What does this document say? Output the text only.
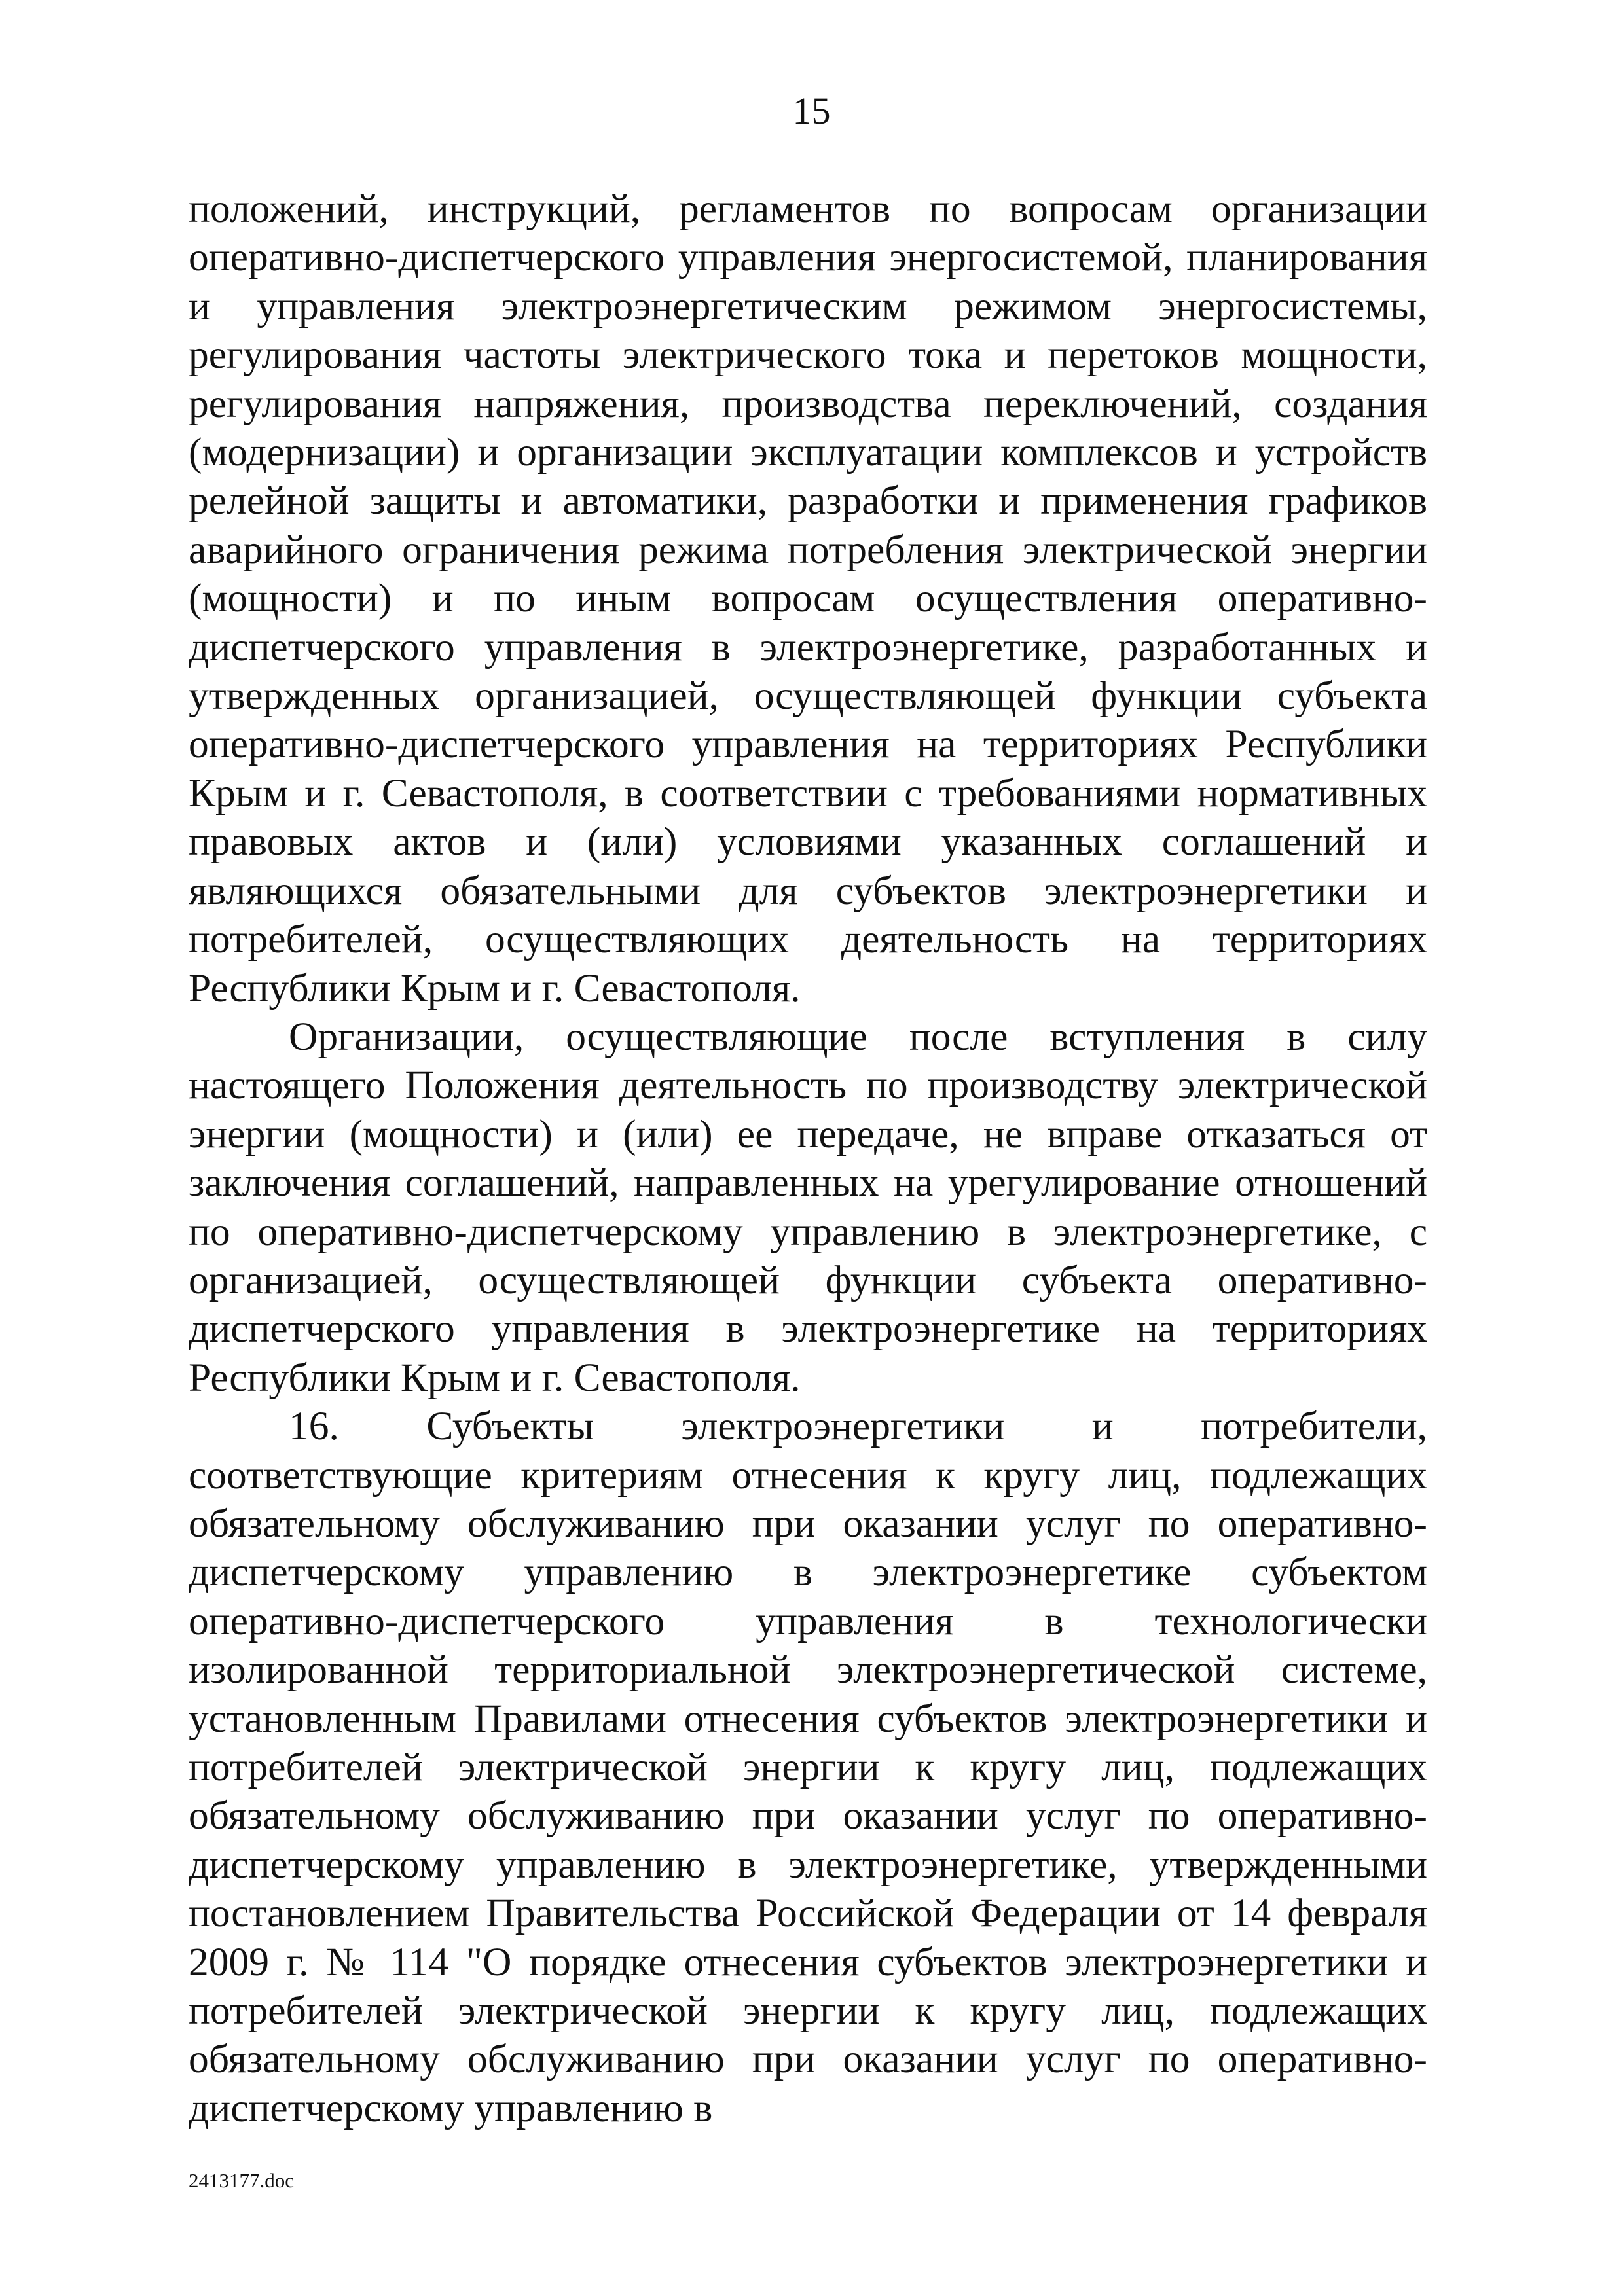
15

положений, инструкций, регламентов по вопросам организации оперативно-диспетчерского управления энергосистемой, планирования и управления электроэнергетическим режимом энергосистемы, регулирования частоты электрического тока и перетоков мощности, регулирования напряжения, производства переключений, создания (модернизации) и организации эксплуатации комплексов и устройств релейной защиты и автоматики, разработки и применения графиков аварийного ограничения режима потребления электрической энергии (мощности) и по иным вопросам осуществления оперативно-диспетчерского управления в электроэнергетике, разработанных и утвержденных организацией, осуществляющей функции субъекта оперативно-диспетчерского управления на территориях Республики Крым и г. Севастополя, в соответствии с требованиями нормативных правовых актов и (или) условиями указанных соглашений и являющихся обязательными для субъектов электроэнергетики и потребителей, осуществляющих деятельность на территориях Республики Крым и г. Севастополя.

Организации, осуществляющие после вступления в силу настоящего Положения деятельность по производству электрической энергии (мощности) и (или) ее передаче, не вправе отказаться от заключения соглашений, направленных на урегулирование отношений по оперативно-диспетчерскому управлению в электроэнергетике, с организацией, осуществляющей функции субъекта оперативно-диспетчерского управления в электроэнергетике на территориях Республики Крым и г. Севастополя.

16. Субъекты электроэнергетики и потребители, соответствующие критериям отнесения к кругу лиц, подлежащих обязательному обслуживанию при оказании услуг по оперативно-диспетчерскому управлению в электроэнергетике субъектом оперативно-диспетчерского управления в технологически изолированной территориальной электроэнергетической системе, установленным Правилами отнесения субъектов электроэнергетики и потребителей электрической энергии к кругу лиц, подлежащих обязательному обслуживанию при оказании услуг по оперативно-диспетчерскому управлению в электроэнергетике, утвержденными постановлением Правительства Российской Федерации от 14 февраля 2009 г. № 114 "О порядке отнесения субъектов электроэнергетики и потребителей электрической энергии к кругу лиц, подлежащих обязательному обслуживанию при оказании услуг по оперативно-диспетчерскому управлению в

2413177.doc
